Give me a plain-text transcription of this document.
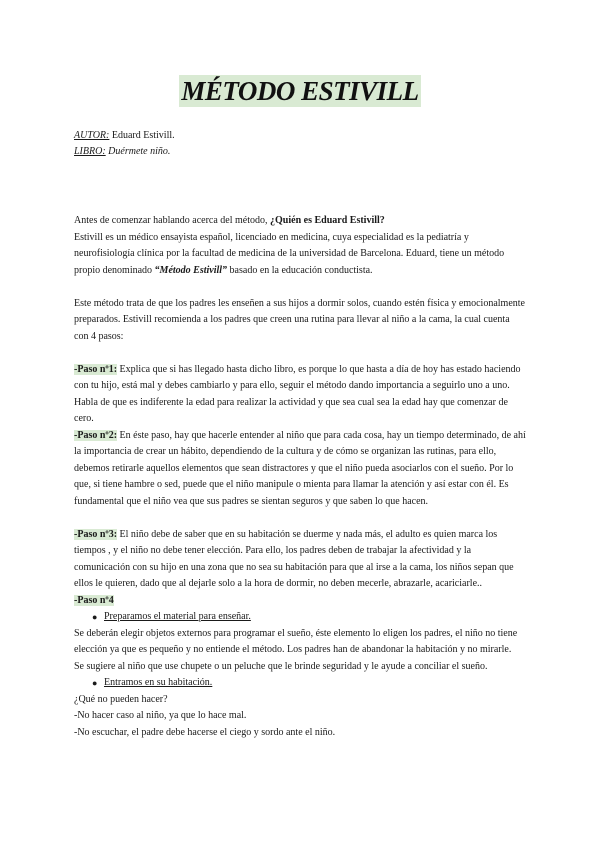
MÉTODO ESTIVILL
AUTOR: Eduard Estivill.
LIBRO: Duérmete niño.

Antes de comenzar hablando acerca del método, ¿Quién es Eduard Estivill?

Estivill es un médico ensayista español, licenciado en medicina, cuya especialidad es la pediatría y neurofisiología clínica por la facultad de medicina de la universidad de Barcelona. Eduard, tiene un método propio denominado “Método Estivill” basado en la educación conductista.

Este método trata de que los padres les enseñen a sus hijos a dormir solos, cuando estén física y emocionalmente preparados. Estivill recomienda a los padres que creen una rutina para llevar al niño a la cama, la cual cuenta con 4 pasos:

-Paso nº1: Explica que si has llegado hasta dicho libro, es porque lo que hasta a día de hoy has estado haciendo con tu hijo, está mal y debes cambiarlo y para ello, seguir el método dando importancia a seguirlo uno a uno. Habla de que es indiferente la edad para realizar la actividad y que sea cual sea la edad hay que comenzar de cero.

-Paso nº2: En éste paso, hay que hacerle entender al niño que para cada cosa, hay un tiempo determinado, de ahí la importancia de crear un hábito, dependiendo de la cultura y de cómo se organizan las rutinas, para ello, debemos retirarle aquellos elementos que sean distractores y que el niño pueda asociarlos con el sueño. Por lo que, si tiene hambre o sed, puede que el niño manipule o mienta para llamar la atención y así estar con él. Es fundamental que el niño vea que sus padres se sientan seguros y que saben lo que hacen.

-Paso nº3: El niño debe de saber que en su habitación se duerme y nada más, el adulto es quien marca los tiempos , y el niño no debe tener elección. Para ello, los padres deben de trabajar la afectividad y la comunicación con su hijo en una zona que no sea su habitación para que al irse a la cama, los niños sepan que ellos le quieren, dado que al dejarle solo a la hora de dormir, no deben mecerle, abrazarle, acariciarle..

-Paso nº4

● Preparamos el material para enseñar.

Se deberán elegir objetos externos para programar el sueño, éste elemento lo eligen los padres, el niño no tiene elección ya que es pequeño y no entiende el método. Los padres han de abandonar la habitación y no mirarle.

Se sugiere al niño que use chupete o un peluche que le brinde seguridad y le ayude a conciliar el sueño.

● Entramos en su habitación.

¿Qué no pueden hacer?

-No hacer caso al niño, ya que lo hace mal.

-No escuchar, el padre debe hacerse el ciego y sordo ante el niño.
